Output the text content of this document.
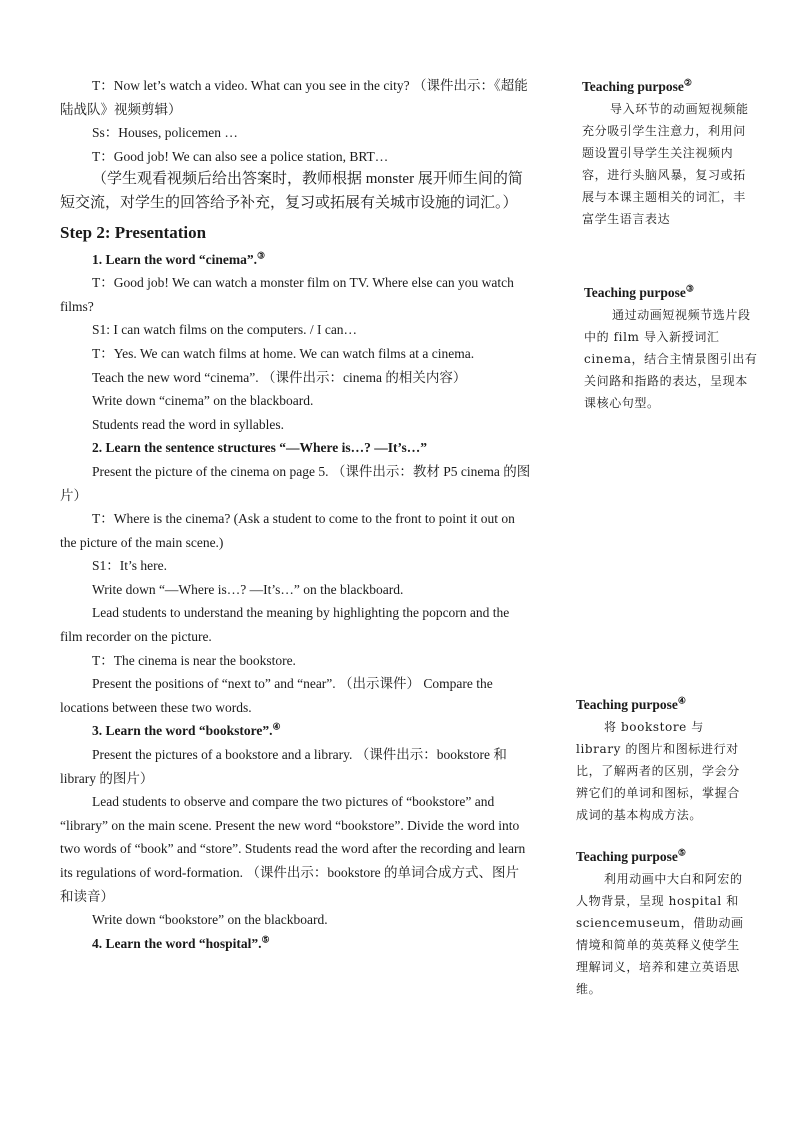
T：Now let’s watch a video. What can you see in the city? （课件出示：《超能陆战队》视频剪辑）

Ss：Houses, policemen …

T：Good job! We can also see a police station, BRT…

（学生观看视频后给出答案时，教师根据 monster 展开师生间的简短交流，对学生的回答给予补充，复习或拓展有关城市设施的词汇。）

Step 2: Presentation

1. Learn the word “cinema”.③

T：Good job! We can watch a monster film on TV. Where else can you watch films?

S1: I can watch films on the computers. / I can…

T：Yes. We can watch films at home. We can watch films at a cinema.

Teach the new word “cinema”. （课件出示：cinema 的相关内容）

Write down “cinema” on the blackboard.

Students read the word in syllables.

2. Learn the sentence structures “—Where is…? —It’s…”

Present the picture of the cinema on page 5. （课件出示：教材 P5 cinema 的图片）

T：Where is the cinema? (Ask a student to come to the front to point it out on the picture of the main scene.)

S1：It’s here.

Write down “—Where is…? —It’s…” on the blackboard.

Lead students to understand the meaning by highlighting the popcorn and the film recorder on the picture.

T：The cinema is near the bookstore.

Present the positions of “next to” and “near”. （出示课件） Compare the locations between these two words.

3. Learn the word “bookstore”.④

Present the pictures of a bookstore and a library. （课件出示：bookstore 和 library 的图片）

Lead students to observe and compare the two pictures of “bookstore” and “library” on the main scene. Present the new word “bookstore”. Divide the word into two words of “book” and “store”. Students read the word after the recording and learn its regulations of word-formation. （课件出示：bookstore 的单词合成方式、图片和读音）

Write down “bookstore” on the blackboard.

4. Learn the word “hospital”.⑤

Teaching purpose②

导入环节的动画短视频能充分吸引学生注意力，利用问题设置引导学生关注视频内容，进行头脑风暴，复习或拓展与本课主题相关的词汇，丰富学生语言表达

Teaching purpose③

通过动画短视频节选片段中的 film 导入新授词汇 cinema，结合主情景图引出有关问路和指路的表达，呈现本课核心句型。

Teaching purpose④

将 bookstore 与 library 的图片和图标进行对比，了解两者的区别，学会分辨它们的单词和图标，掌握合成词的基本构成方法。

Teaching purpose⑤

利用动画中大白和阿宏的人物背景，呈现 hospital 和 sciencemuseum，借助动画情境和简单的英英释义使学生理解词义，培养和建立英语思维。
